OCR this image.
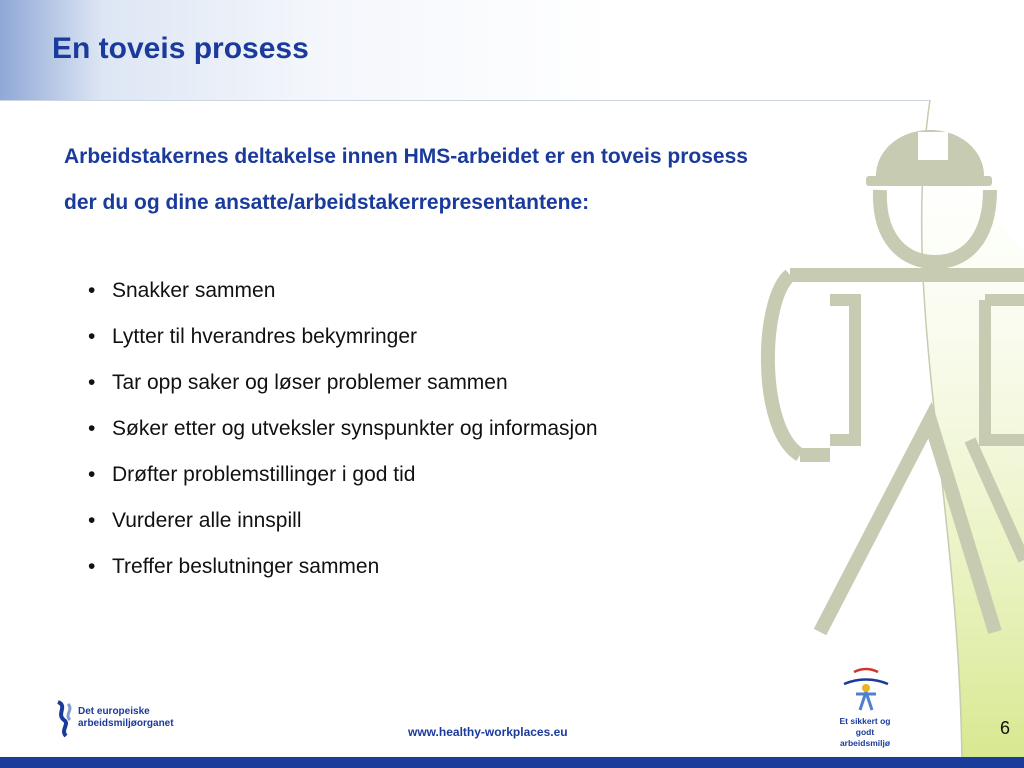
En toveis prosess
Arbeidstakernes deltakelse innen HMS-arbeidet er en toveis prosess
der du og dine ansatte/arbeidstakerrepresentantene:
• Snakker sammen
• Lytter til hverandres bekymringer
• Tar opp saker og løser problemer sammen
• Søker etter og utveksler synspunkter og informasjon
• Drøfter problemstillinger i god tid
• Vurderer alle innspill
• Treffer beslutninger sammen
Det europeiske
arbeidsmiljøorganet
www.healthy-workplaces.eu
Et sikkert og godt
arbeidsmiljø
6
